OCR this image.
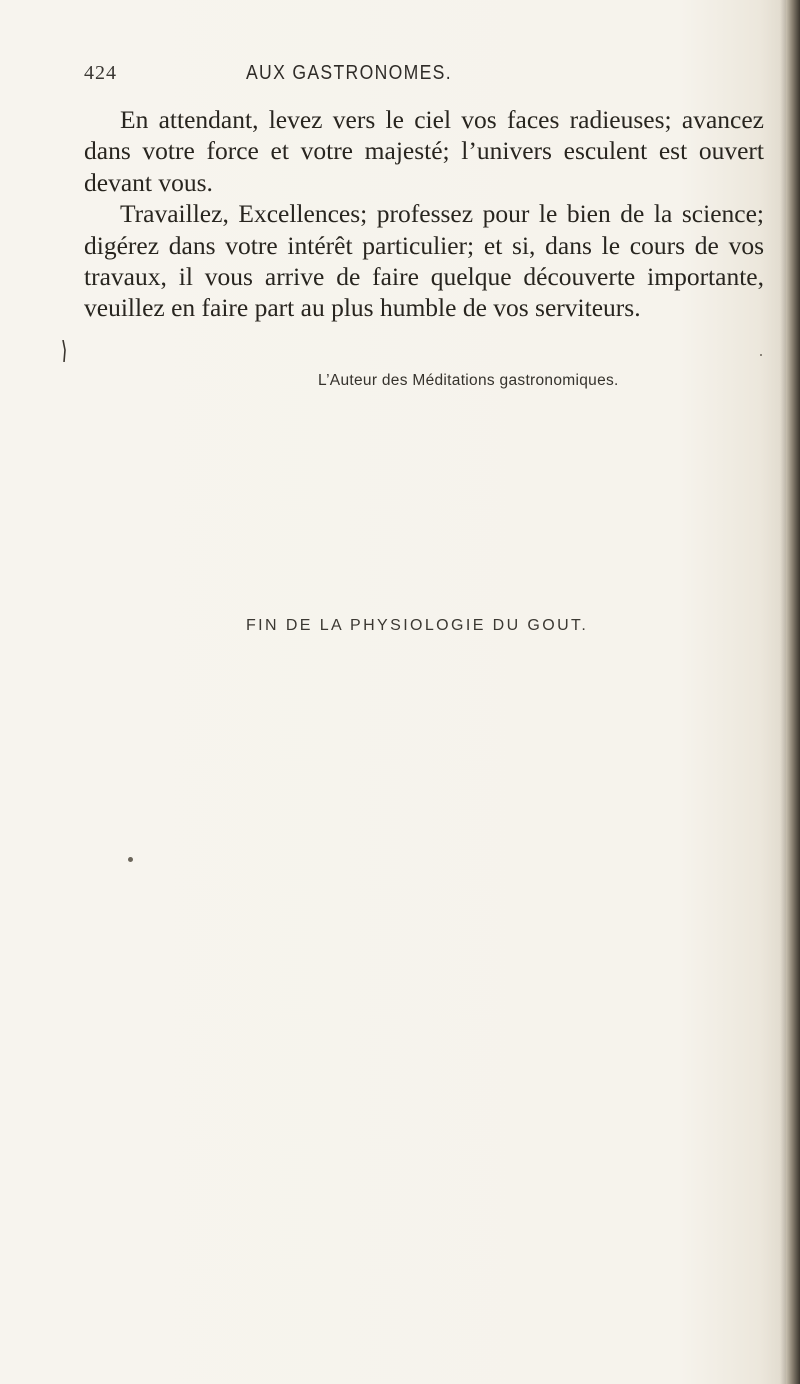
424	AUX GASTRONOMES.

En attendant, levez vers le ciel vos faces radieuses; avancez dans votre force et votre majesté; l’univers esculent est ouvert devant vous.

Travaillez, Excellences; professez pour le bien de la science; digérez dans votre intérêt particulier; et si, dans le cours de vos travaux, il vous arrive de faire quelque découverte importante, veuillez en faire part au plus humble de vos serviteurs.

L’Auteur des Méditations gastronomiques.
FIN DE LA PHYSIOLOGIE DU GOUT.
